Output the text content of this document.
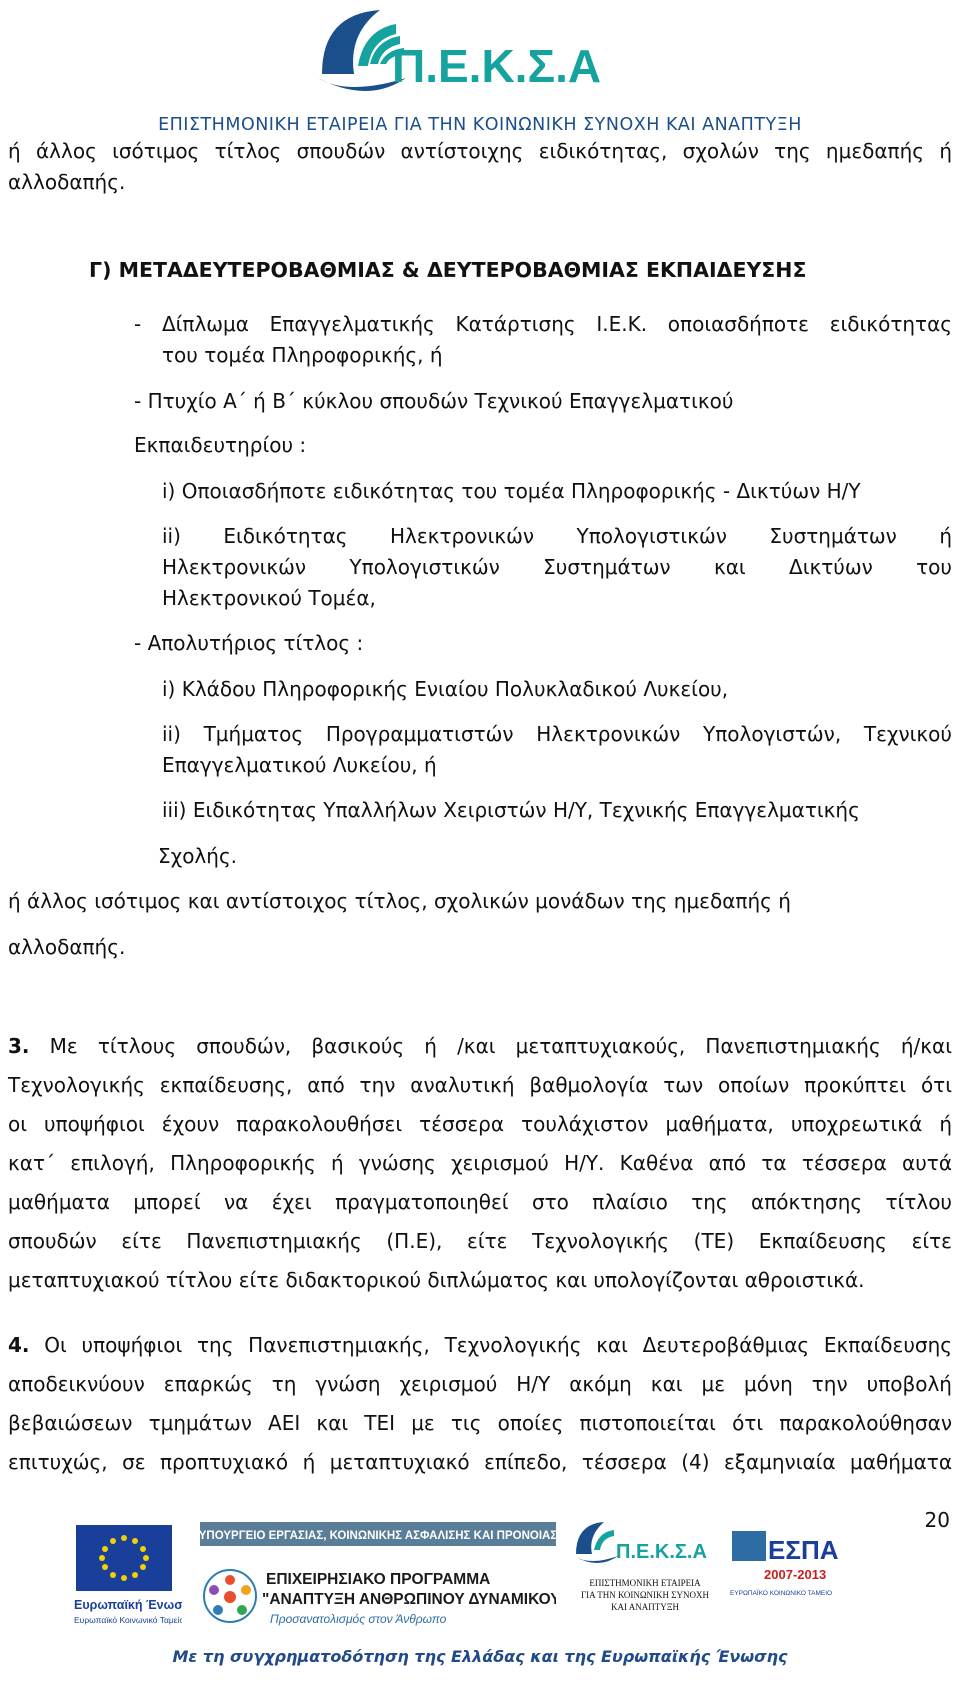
Π.Ε.Κ.Σ.Α
ΕΠΙΣΤΗΜΟΝΙΚΗ ΕΤΑΙΡΕΙΑ ΓΙΑ ΤΗΝ ΚΟΙΝΩΝΙΚΗ ΣΥΝΟΧΗ ΚΑΙ ΑΝΑΠΤΥΞΗ

ή άλλος ισότιμος τίτλος σπουδών αντίστοιχης ειδικότητας, σχολών της ημεδαπής ή

αλλοδαπής.

Γ) ΜΕΤΑΔΕΥΤΕΡΟΒΑΘΜΙΑΣ & ΔΕΥΤΕΡΟΒΑΘΜΙΑΣ ΕΚΠΑΙΔΕΥΣΗΣ

- Δίπλωμα Επαγγελματικής Κατάρτισης Ι.Ε.Κ. οποιασδήποτε ειδικότητας

του τομέα Πληροφορικής, ή

- Πτυχίο Α΄ ή Β΄ κύκλου σπουδών Τεχνικού Επαγγελματικού

Εκπαιδευτηρίου :

i) Οποιασδήποτε ειδικότητας του τομέα Πληροφορικής - Δικτύων Η/Υ

ii) Ειδικότητας Ηλεκτρονικών Υπολογιστικών Συστημάτων ή

Ηλεκτρονικών Υπολογιστικών Συστημάτων και Δικτύων του

Ηλεκτρονικού Τομέα,

- Απολυτήριος τίτλος :

i) Κλάδου Πληροφορικής Ενιαίου Πολυκλαδικού Λυκείου,

ii) Τμήματος Προγραμματιστών Ηλεκτρονικών Υπολογιστών, Τεχνικού

Επαγγελματικού Λυκείου, ή

iii) Ειδικότητας Υπαλλήλων Χειριστών Η/Υ, Τεχνικής Επαγγελματικής

Σχολής.

ή άλλος ισότιμος και αντίστοιχος τίτλος, σχολικών μονάδων της ημεδαπής ή

αλλοδαπής.

3. Με τίτλους σπουδών, βασικούς ή /και μεταπτυχιακούς, Πανεπιστημιακής ή/και
Τεχνολογικής εκπαίδευσης, από την αναλυτική βαθμολογία των οποίων προκύπτει ότι
οι υποψήφιοι έχουν παρακολουθήσει τέσσερα τουλάχιστον μαθήματα, υποχρεωτικά ή
κατ΄ επιλογή, Πληροφορικής ή γνώσης χειρισμού Η/Υ. Καθένα από τα τέσσερα αυτά
μαθήματα μπορεί να έχει πραγματοποιηθεί στο πλαίσιο της απόκτησης τίτλου
σπουδών είτε Πανεπιστημιακής (Π.Ε), είτε Τεχνολογικής (ΤΕ) Εκπαίδευσης είτε
μεταπτυχιακού τίτλου είτε διδακτορικού διπλώματος και υπολογίζονται αθροιστικά.
4. Οι υποψήφιοι της Πανεπιστημιακής, Τεχνολογικής και Δευτεροβάθμιας Εκπαίδευσης
αποδεικνύουν επαρκώς τη γνώση χειρισμού Η/Υ ακόμη και με μόνη την υποβολή
βεβαιώσεων τμημάτων ΑΕΙ και ΤΕΙ με τις οποίες πιστοποιείται ότι παρακολούθησαν
επιτυχώς, σε προπτυχιακό ή μεταπτυχιακό επίπεδο, τέσσερα (4) εξαμηνιαία μαθήματα
20
Ευρωπαϊκή Ένωση
Ευρωπαϊκό Κοινωνικό Ταμείο
ΥΠΟΥΡΓΕΙΟ ΕΡΓΑΣΙΑΣ, ΚΟΙΝΩΝΙΚΗΣ ΑΣΦΑΛΙΣΗΣ ΚΑΙ ΠΡΟΝΟΙΑΣ
ΕΠΙΧΕΙΡΗΣΙΑΚΟ ΠΡΟΓΡΑΜΜΑ
"ΑΝΑΠΤΥΞΗ ΑΝΘΡΩΠΙΝΟΥ ΔΥΝΑΜΙΚΟΥ"
Προσανατολισμός στον Άνθρωπο
Π.Ε.Κ.Σ.Α
ΕΠΙΣΤΗΜΟΝΙΚΗ ΕΤΑΙΡΕΙΑ
ΓΙΑ ΤΗΝ ΚΟΙΝΩΝΙΚΗ ΣΥΝΟΧΗ
ΚΑΙ ΑΝΑΠΤΥΞΗ
ΕΣΠΑ
2007-2013
ΕΥΡΩΠΑΪΚΟ ΚΟΙΝΩΝΙΚΟ ΤΑΜΕΙΟ
Με τη συγχρηματοδότηση της Ελλάδας και της Ευρωπαϊκής Ένωσης
